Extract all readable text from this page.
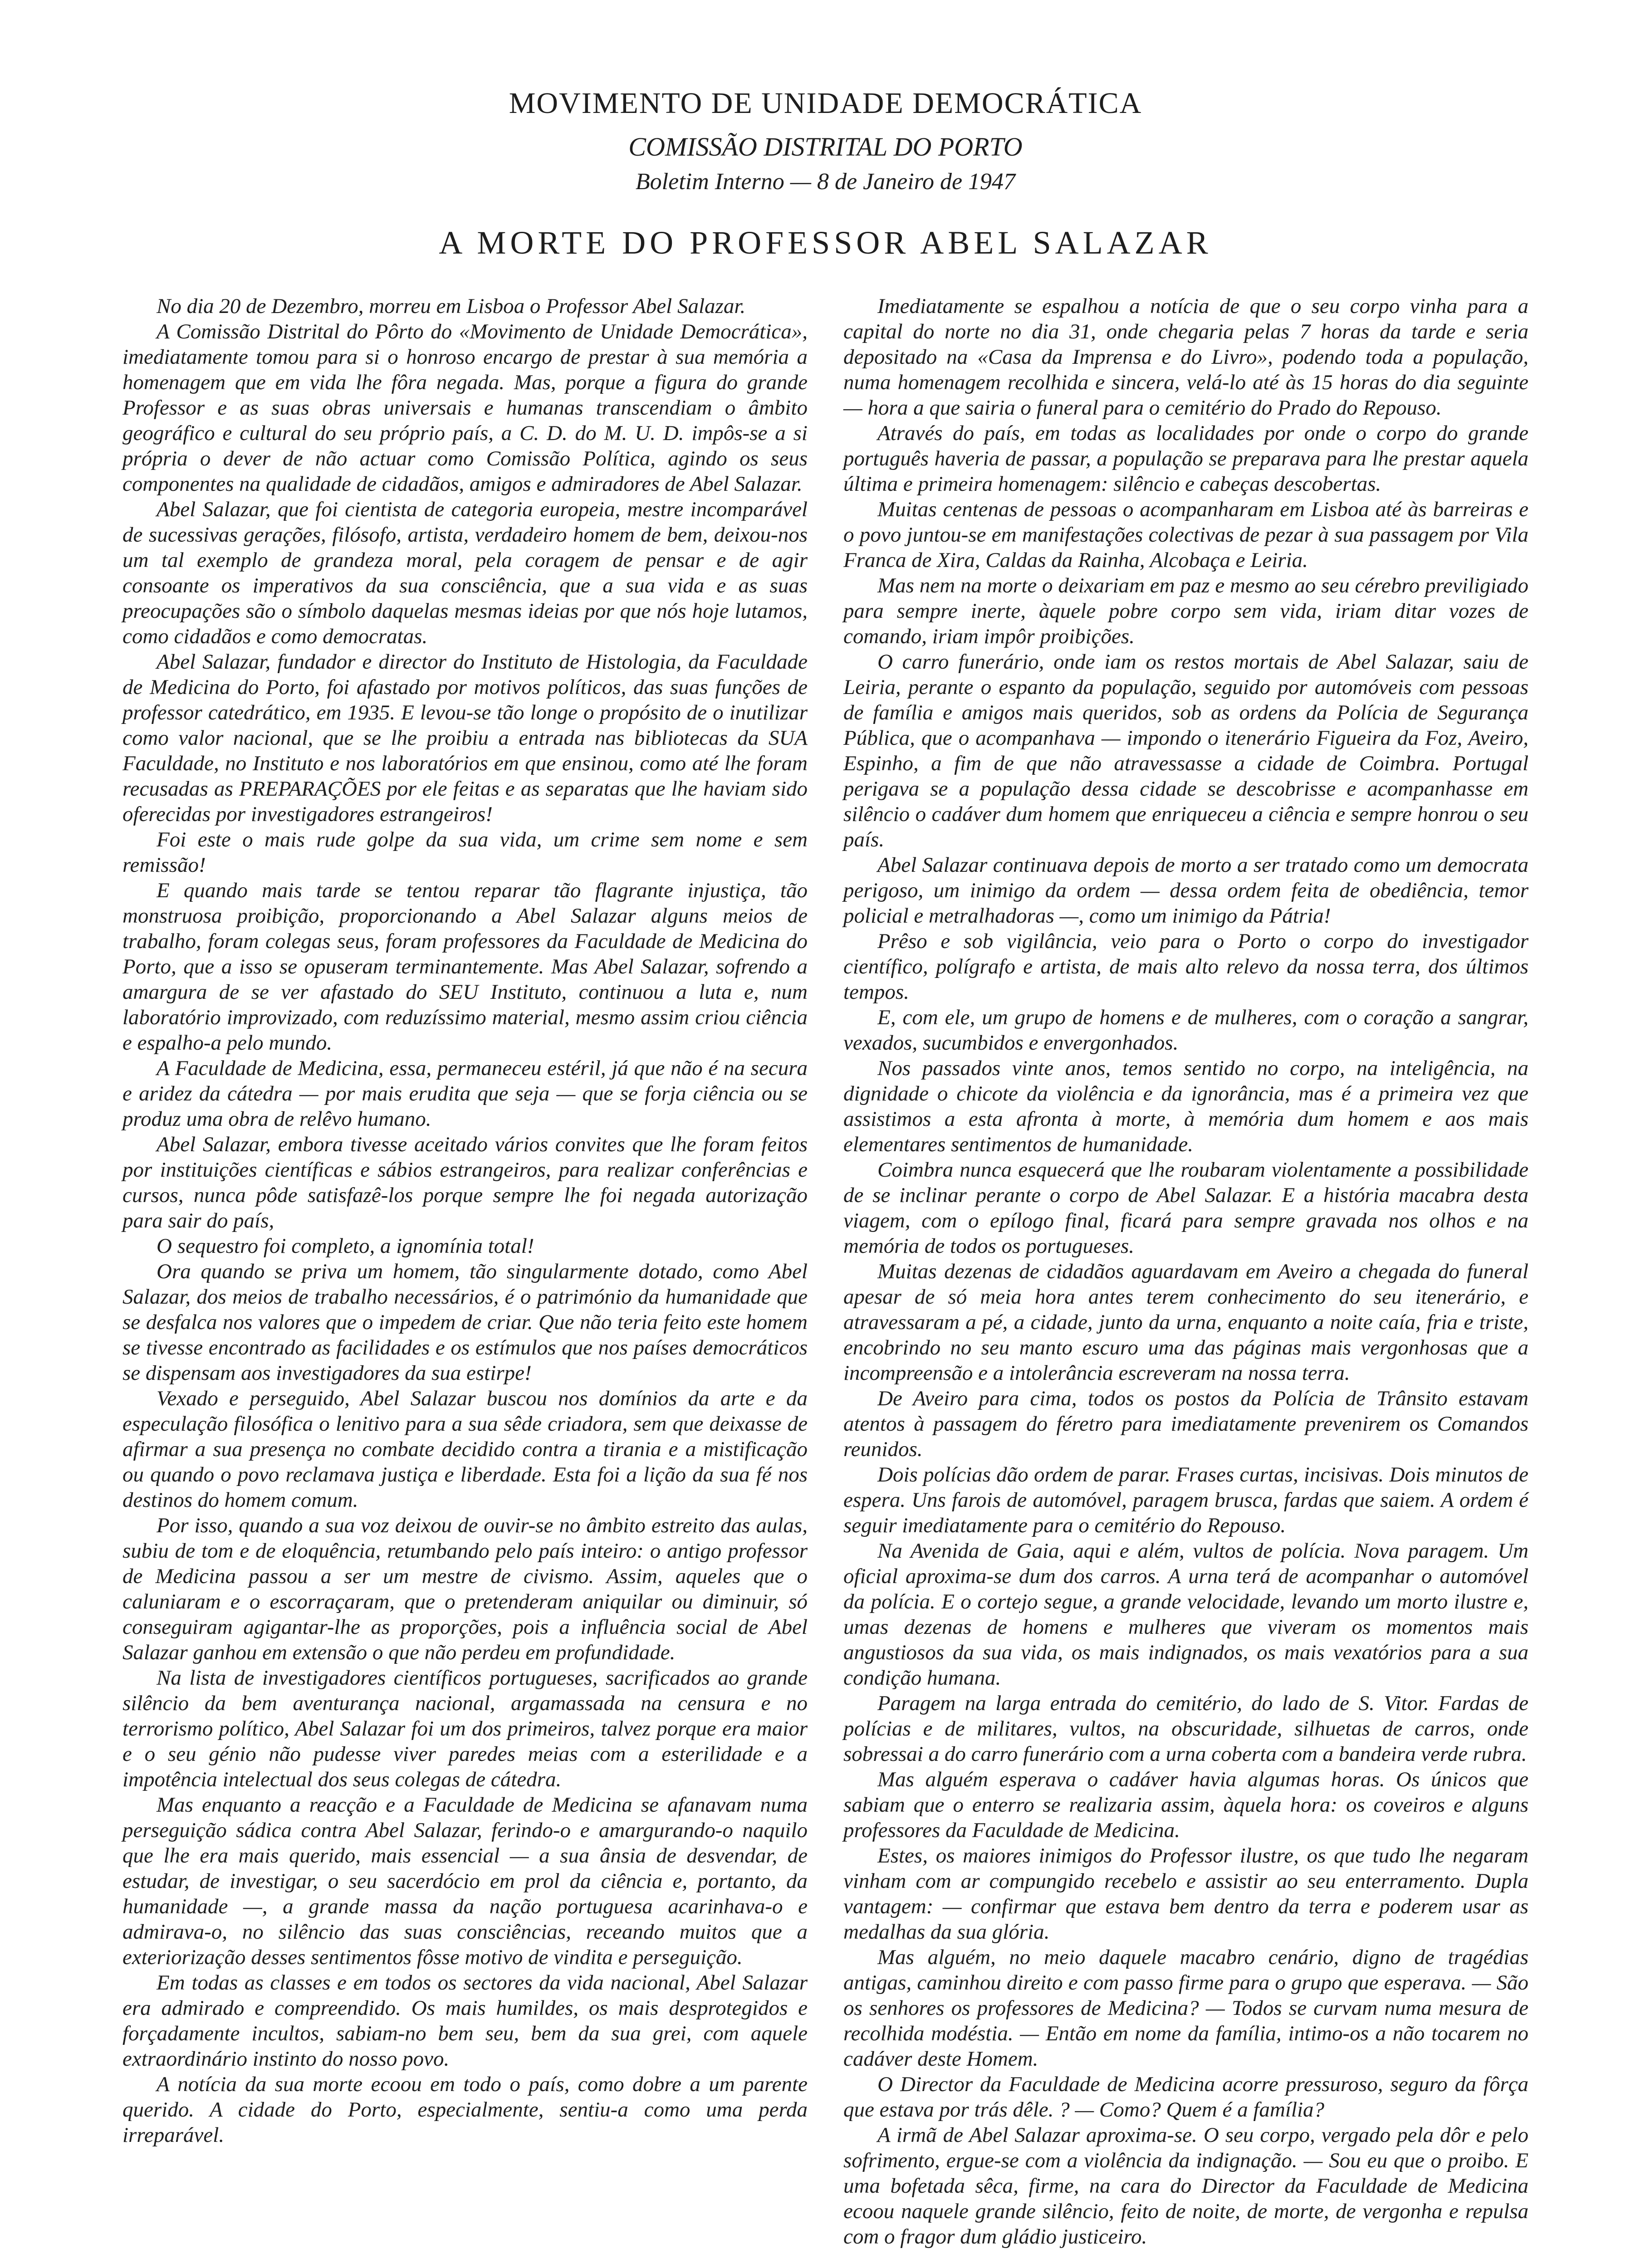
MOVIMENTO DE UNIDADE DEMOCRÁTICA
COMISSÃO DISTRITAL DO PORTO
Boletim Interno — 8 de Janeiro de 1947
A MORTE DO PROFESSOR ABEL SALAZAR

No dia 20 de Dezembro, morreu em Lisboa o Professor Abel Salazar.

A Comissão Distrital do Pôrto do «Movimento de Unidade Democrática», imediatamente tomou para si o honroso encargo de prestar à sua memória a homenagem que em vida lhe fôra negada. Mas, porque a figura do grande Professor e as suas obras universais e humanas transcendiam o âmbito geográfico e cultural do seu próprio país, a C. D. do M. U. D. impôs-se a si própria o dever de não actuar como Comissão Política, agindo os seus componentes na qualidade de cidadãos, amigos e admiradores de Abel Salazar.

Abel Salazar, que foi cientista de categoria europeia, mestre incomparável de sucessivas gerações, filósofo, artista, verdadeiro homem de bem, deixou-nos um tal exemplo de grandeza moral, pela coragem de pensar e de agir consoante os imperativos da sua consciência, que a sua vida e as suas preocupações são o símbolo daquelas mesmas ideias por que nós hoje lutamos, como cidadãos e como democratas.

Abel Salazar, fundador e director do Instituto de Histologia, da Faculdade de Medicina do Porto, foi afastado por motivos políticos, das suas funções de professor catedrático, em 1935. E levou-se tão longe o propósito de o inutilizar como valor nacional, que se lhe proibiu a entrada nas bibliotecas da SUA Faculdade, no Instituto e nos laboratórios em que ensinou, como até lhe foram recusadas as PREPARAÇÕES por ele feitas e as separatas que lhe haviam sido oferecidas por investigadores estrangeiros!

Foi este o mais rude golpe da sua vida, um crime sem nome e sem remissão!

E quando mais tarde se tentou reparar tão flagrante injustiça, tão monstruosa proibição, proporcionando a Abel Salazar alguns meios de trabalho, foram colegas seus, foram professores da Faculdade de Medicina do Porto, que a isso se opuseram terminantemente. Mas Abel Salazar, sofrendo a amargura de se ver afastado do SEU Instituto, continuou a luta e, num laboratório improvizado, com reduzíssimo material, mesmo assim criou ciência e espalho-a pelo mundo.

A Faculdade de Medicina, essa, permaneceu estéril, já que não é na secura e aridez da cátedra — por mais erudita que seja — que se forja ciência ou se produz uma obra de relêvo humano.

Abel Salazar, embora tivesse aceitado vários convites que lhe foram feitos por instituições científicas e sábios estrangeiros, para realizar conferências e cursos, nunca pôde satisfazê-los porque sempre lhe foi negada autorização para sair do país,

O sequestro foi completo, a ignomínia total!

Ora quando se priva um homem, tão singularmente dotado, como Abel Salazar, dos meios de trabalho necessários, é o património da humanidade que se desfalca nos valores que o impedem de criar. Que não teria feito este homem se tivesse encontrado as facilidades e os estímulos que nos países democráticos se dispensam aos investigadores da sua estirpe!

Vexado e perseguido, Abel Salazar buscou nos domínios da arte e da especulação filosófica o lenitivo para a sua sêde criadora, sem que deixasse de afirmar a sua presença no combate decidido contra a tirania e a mistificação ou quando o povo reclamava justiça e liberdade. Esta foi a lição da sua fé nos destinos do homem comum.

Por isso, quando a sua voz deixou de ouvir-se no âmbito estreito das aulas, subiu de tom e de eloquência, retumbando pelo país inteiro: o antigo professor de Medicina passou a ser um mestre de civismo. Assim, aqueles que o caluniaram e o escorraçaram, que o pretenderam aniquilar ou diminuir, só conseguiram agigantar-lhe as proporções, pois a influência social de Abel Salazar ganhou em extensão o que não perdeu em profundidade.

Na lista de investigadores científicos portugueses, sacrificados ao grande silêncio da bem aventurança nacional, argamassada na censura e no terrorismo político, Abel Salazar foi um dos primeiros, talvez porque era maior e o seu génio não pudesse viver paredes meias com a esterilidade e a impotência intelectual dos seus colegas de cátedra.

Mas enquanto a reacção e a Faculdade de Medicina se afanavam numa perseguição sádica contra Abel Salazar, ferindo-o e amargurando-o naquilo que lhe era mais querido, mais essencial — a sua ânsia de desvendar, de estudar, de investigar, o seu sacerdócio em prol da ciência e, portanto, da humanidade —, a grande massa da nação portuguesa acarinhava-o e admirava-o, no silêncio das suas consciências, receando muitos que a exteriorização desses sentimentos fôsse motivo de vindita e perseguição.

Em todas as classes e em todos os sectores da vida nacional, Abel Salazar era admirado e compreendido. Os mais humildes, os mais desprotegidos e forçadamente incultos, sabiam-no bem seu, bem da sua grei, com aquele extraordinário instinto do nosso povo.

A notícia da sua morte ecoou em todo o país, como dobre a um parente querido. A cidade do Porto, especialmente, sentiu-a como uma perda irreparável.

Imediatamente se espalhou a notícia de que o seu corpo vinha para a capital do norte no dia 31, onde chegaria pelas 7 horas da tarde e seria depositado na «Casa da Imprensa e do Livro», podendo toda a população, numa homenagem recolhida e sincera, velá-lo até às 15 horas do dia seguinte — hora a que sairia o funeral para o cemitério do Prado do Repouso.

Através do país, em todas as localidades por onde o corpo do grande português haveria de passar, a população se preparava para lhe prestar aquela última e primeira homenagem: silêncio e cabeças descobertas.

Muitas centenas de pessoas o acompanharam em Lisboa até às barreiras e o povo juntou-se em manifestações colectivas de pezar à sua passagem por Vila Franca de Xira, Caldas da Rainha, Alcobaça e Leiria.

Mas nem na morte o deixariam em paz e mesmo ao seu cérebro previligiado para sempre inerte, àquele pobre corpo sem vida, iriam ditar vozes de comando, iriam impôr proibições.

O carro funerário, onde iam os restos mortais de Abel Salazar, saiu de Leiria, perante o espanto da população, seguido por automóveis com pessoas de família e amigos mais queridos, sob as ordens da Polícia de Segurança Pública, que o acompanhava — impondo o itenerário Figueira da Foz, Aveiro, Espinho, a fim de que não atravessasse a cidade de Coimbra. Portugal perigava se a população dessa cidade se descobrisse e acompanhasse em silêncio o cadáver dum homem que enriqueceu a ciência e sempre honrou o seu país.

Abel Salazar continuava depois de morto a ser tratado como um democrata perigoso, um inimigo da ordem — dessa ordem feita de obediência, temor policial e metralhadoras —, como um inimigo da Pátria!

Prêso e sob vigilância, veio para o Porto o corpo do investigador científico, polígrafo e artista, de mais alto relevo da nossa terra, dos últimos tempos.

E, com ele, um grupo de homens e de mulheres, com o coração a sangrar, vexados, sucumbidos e envergonhados.

Nos passados vinte anos, temos sentido no corpo, na inteligência, na dignidade o chicote da violência e da ignorância, mas é a primeira vez que assistimos a esta afronta à morte, à memória dum homem e aos mais elementares sentimentos de humanidade.

Coimbra nunca esquecerá que lhe roubaram violentamente a possibilidade de se inclinar perante o corpo de Abel Salazar. E a história macabra desta viagem, com o epílogo final, ficará para sempre gravada nos olhos e na memória de todos os portugueses.

Muitas dezenas de cidadãos aguardavam em Aveiro a chegada do funeral apesar de só meia hora antes terem conhecimento do seu itenerário, e atravessaram a pé, a cidade, junto da urna, enquanto a noite caía, fria e triste, encobrindo no seu manto escuro uma das páginas mais vergonhosas que a incompreensão e a intolerância escreveram na nossa terra.

De Aveiro para cima, todos os postos da Polícia de Trânsito estavam atentos à passagem do féretro para imediatamente prevenirem os Comandos reunidos.

Dois polícias dão ordem de parar. Frases curtas, incisivas. Dois minutos de espera. Uns farois de automóvel, paragem brusca, fardas que saiem. A ordem é seguir imediatamente para o cemitério do Repouso.

Na Avenida de Gaia, aqui e além, vultos de polícia. Nova paragem. Um oficial aproxima-se dum dos carros. A urna terá de acompanhar o automóvel da polícia. E o cortejo segue, a grande velocidade, levando um morto ilustre e, umas dezenas de homens e mulheres que viveram os momentos mais angustiosos da sua vida, os mais indignados, os mais vexatórios para a sua condição humana.

Paragem na larga entrada do cemitério, do lado de S. Vitor. Fardas de polícias e de militares, vultos, na obscuridade, silhuetas de carros, onde sobressai a do carro funerário com a urna coberta com a bandeira verde rubra.

Mas alguém esperava o cadáver havia algumas horas. Os únicos que sabiam que o enterro se realizaria assim, àquela hora: os coveiros e alguns professores da Faculdade de Medicina.

Estes, os maiores inimigos do Professor ilustre, os que tudo lhe negaram vinham com ar compungido recebelo e assistir ao seu enterramento. Dupla vantagem: — confirmar que estava bem dentro da terra e poderem usar as medalhas da sua glória.

Mas alguém, no meio daquele macabro cenário, digno de tragédias antigas, caminhou direito e com passo firme para o grupo que esperava. — São os senhores os professores de Medicina? — Todos se curvam numa mesura de recolhida modéstia. — Então em nome da família, intimo-os a não tocarem no cadáver deste Homem.

O Director da Faculdade de Medicina acorre pressuroso, seguro da fôrça que estava por trás dêle. ? — Como? Quem é a família?

A irmã de Abel Salazar aproxima-se. O seu corpo, vergado pela dôr e pelo sofrimento, ergue-se com a violência da indignação. — Sou eu que o proibo. E uma bofetada sêca, firme, na cara do Director da Faculdade de Medicina ecoou naquele grande silêncio, feito de noite, de morte, de vergonha e repulsa com o fragor dum gládio justiceiro.
